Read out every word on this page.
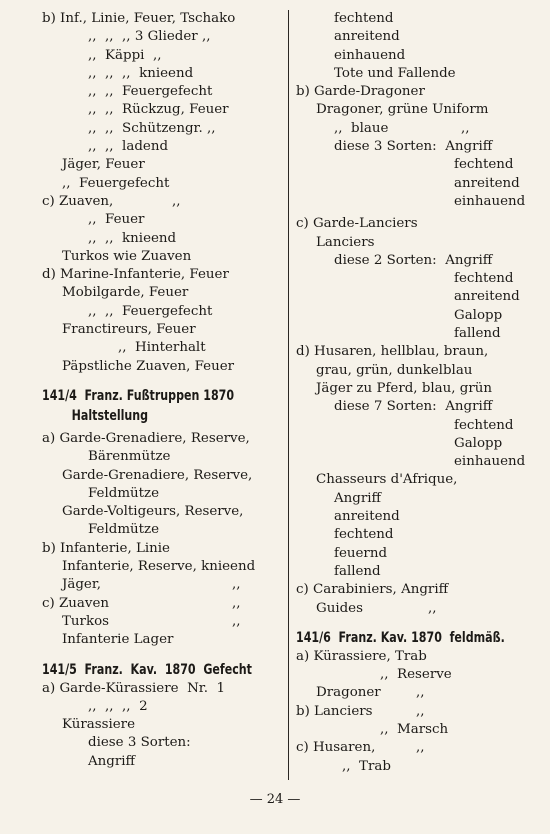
b) Inf., Linie, Feuer, Tschako
,,  ,,  ,, 3 Glieder ,,
,,  Käppi  ,,
,,  ,,  ,,  knieend
,,  ,,  Feuergefecht
,,  ,,  Rückzug, Feuer
,,  ,,  Schützengr. ,,
,,  ,,  ladend
Jäger, Feuer
,,  Feuergefecht
c) Zuaven,	,,
,,  Feuer
,,  ,,  knieend
Turkos wie Zuaven
d) Marine-Infanterie, Feuer
Mobilgarde, Feuer
,,  ,,  Feuergefecht
Franctireurs, Feuer
,,  Hinterhalt
Päpstliche Zuaven, Feuer
141/4  Franz. Fußtruppen 1870
Haltstellung
a) Garde-Grenadiere, Reserve,
Bärenmütze
Garde-Grenadiere, Reserve,
Feldmütze
Garde-Voltigeurs, Reserve,
Feldmütze
b) Infanterie, Linie
Infanterie, Reserve, knieend
Jäger,	,,
c) Zuaven	,,
Turkos	,,
Infanterie Lager
141/5  Franz.  Kav.  1870  Gefecht
a) Garde-Kürassiere  Nr.  1
,,  ,,  ,,  2
Kürassiere
diese 3 Sorten:
Angriff
fechtend
anreitend
einhauend
Tote und Fallende
b) Garde-Dragoner
Dragoner, grüne Uniform
,,  blaue	,,
diese 3 Sorten:  Angriff
fechtend
anreitend
einhauend
c) Garde-Lanciers
Lanciers
diese 2 Sorten:  Angriff
fechtend
anreitend
Galopp
fallend
d) Husaren, hellblau, braun,
grau, grün, dunkelblau
Jäger zu Pferd, blau, grün
diese 7 Sorten:  Angriff
fechtend
Galopp
einhauend
Chasseurs d'Afrique,
Angriff
anreitend
fechtend
feuernd
fallend
c) Carabiniers, Angriff
Guides	,,
141/6  Franz. Kav. 1870  feldmäß.
a) Kürassiere, Trab
,,  Reserve
Dragoner	,,
b) Lanciers	,,
,,  Marsch
c) Husaren,	,,
,,  Trab
— 24 —
